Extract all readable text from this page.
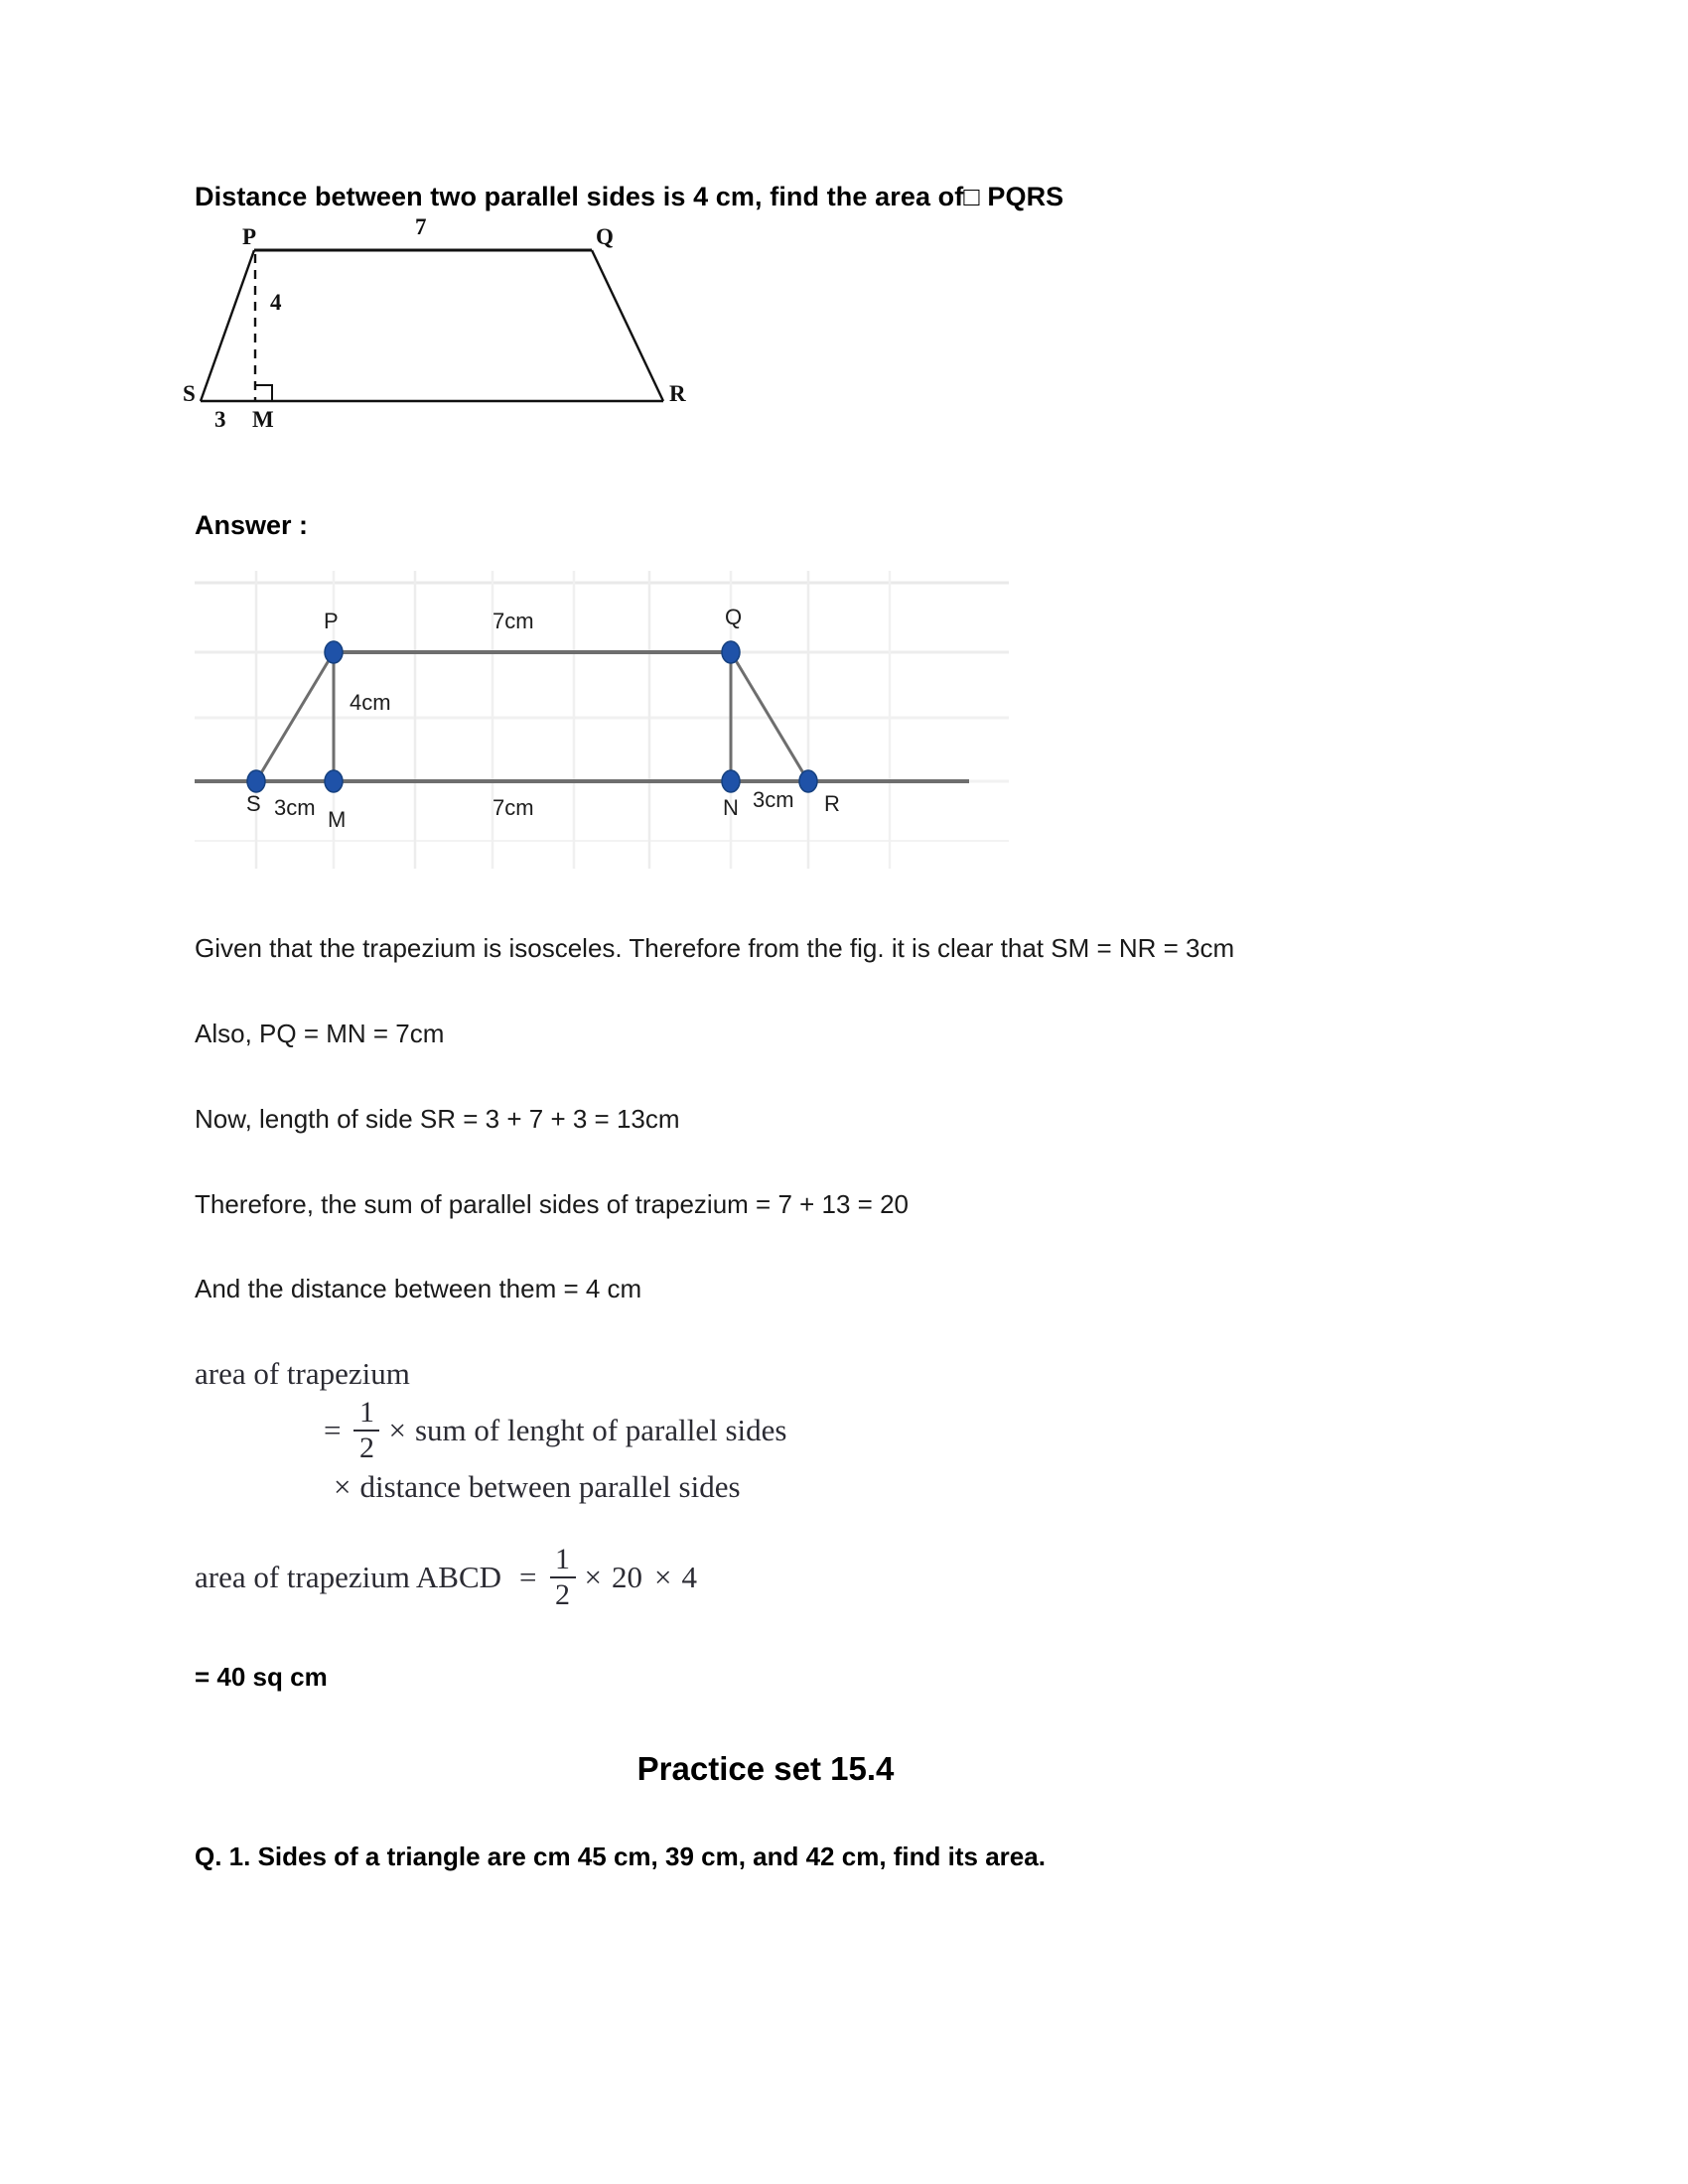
Distance between two parallel sides is 4 cm, find the area of□ PQRS

P	Q
R
S
M
7
4
3

Answer :

P	Q
7cm
4cm
S
M	N	R
3cm	7cm	3cm

Given that the trapezium is isosceles. Therefore from the fig. it is clear that SM = NR = 3cm

Also, PQ = MN = 7cm

Now, length of side SR = 3 + 7 + 3 = 13cm

Therefore, the sum of parallel sides of trapezium = 7 + 13 = 20

And the distance between them = 4 cm

area of trapezium
= $\frac{1}{2}$ × sum of lenght of parallel sides
× distance between parallel sides
area of trapezium ABCD = $\frac{1}{2} \times 20 \times 4$

= 40 sq cm

Practice set 15.4

Q. 1. Sides of a triangle are cm 45 cm, 39 cm, and 42 cm, find its area.
